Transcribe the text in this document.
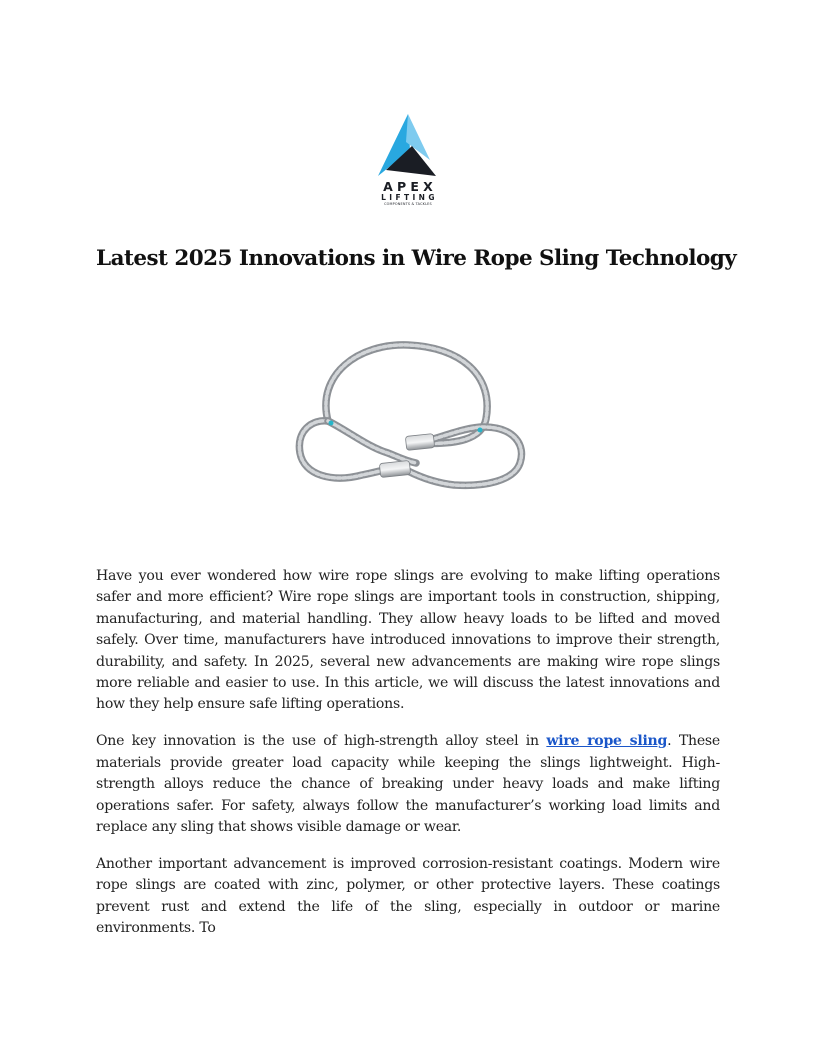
APEX
LIFTING
COMPONENTS & TACKLES
Latest 2025 Innovations in Wire Rope Sling Technology

Have you ever wondered how wire rope slings are evolving to make lifting operations safer and more efficient? Wire rope slings are important tools in construction, shipping, manufacturing, and material handling. They allow heavy loads to be lifted and moved safely. Over time, manufacturers have introduced innovations to improve their strength, durability, and safety. In 2025, several new advancements are making wire rope slings more reliable and easier to use. In this article, we will discuss the latest innovations and how they help ensure safe lifting operations.

One key innovation is the use of high-strength alloy steel in wire rope sling. These materials provide greater load capacity while keeping the slings lightweight. High-strength alloys reduce the chance of breaking under heavy loads and make lifting operations safer. For safety, always follow the manufacturer’s working load limits and replace any sling that shows visible damage or wear.

Another important advancement is improved corrosion-resistant coatings. Modern wire rope slings are coated with zinc, polymer, or other protective layers. These coatings prevent rust and extend the life of the sling, especially in outdoor or marine environments. To
